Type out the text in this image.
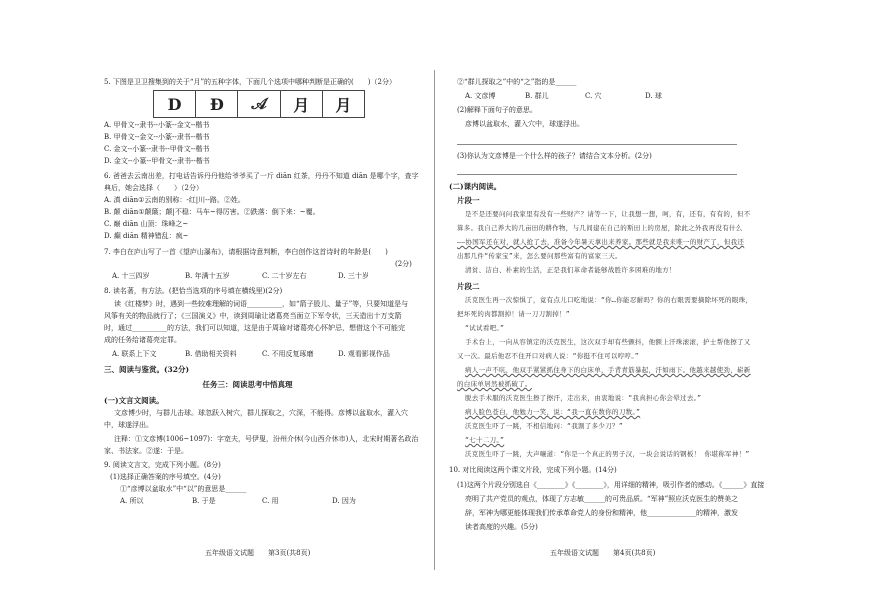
5. 下图是卫卫搜集到的关于“月”的五种字体，下面几个选项中哪种判断是正确的(　　)（2分）
D	Ð	𝒜	月	月
A. 甲骨文--隶书--小篆--金文--楷书
B. 甲骨文--金文--小篆--隶书--楷书
C. 金文--小篆--隶书--甲骨文--楷书
D. 金文--小篆--甲骨文--隶书--楷书
6. 爸爸去云南出差，打电话告诉丹丹他给爷爷买了一斤 diān 红茶，丹丹不知道 diān 是哪个字，查字
典后，她会选择（　　）（2分）
A. 滇 diān①云南的别称：-红|川--路。②姓。
B. 颠 diān①颠簸；颠|不稳：马车~得厉害。②跌落：倒下来：~覆。
C. 巅 diān 山顶：珠峰之~
D. 癫 diān 精神错乱：疯~
7. 李白在庐山写了一首《望庐山瀑布》，请根据诗意判断，李白创作这首诗时的年龄是(　　)
(2分)
A. 十三四岁	B. 年满十五岁	C. 二十岁左右	D. 三十岁
8. 读名著，有方法。(把恰当选项的序号填在横线里)(2分)
读《红楼梦》时，遇到一些较难理解的词语__________，如“箭子股儿、量子”等，只要知道是与
风筝有关的物品就行了；《三国演义》中，读到周瑜让诸葛亮当面立下军令状，三天造出十万支箭
时，通过__________的方法，我们可以知道，这是由于周瑜对诸葛亮心怀妒忌，想借这个不可能完
成的任务给诸葛亮定罪。
A. 联系上下文	B. 借助相关资料	C. 不用反复琢磨	D. 观看影视作品
三、阅读与鉴赏。(32分)
任务三：阅读思考中悟真理
(一)文言文阅读。
文彦博少时，与群儿击球。球忽跃入树穴，群儿探取之，穴深，不能得。彦博以盆取水，灌入穴
中，球遂浮出。
注释：①文彦博(1006~1097)：字宽夫，号伊叟，汾州介休(今山西介休市)人，北宋时期著名政治
家、书法家。②遂：于是。
9. 阅读文言文，完成下列小题。(8分)
(1)选择正确答案的序号填空。(4分)
①“彦博以盆取水”中“以”的意思是______
A. 所以	B. 于是	C. 用	D. 因为
五年级语文试题　　第3页(共8页)
②“群儿探取之”中的“之”指的是______
A. 文彦博	B. 群儿	C. 穴	D. 球
(2)解释下面句子的意思。
彦博以盆取水，灌入穴中，球遂浮出。
(3)你认为文彦博是一个什么样的孩子？请结合文本分析。(2分)
(二)课内阅读。
片段一
是不是还要问问我家里有没有一些财产？请等一下，让我想一想，呵，有，还有，有有的，但不
算多。我自己养大的几亩田的耕作物，与几间建在自己的斯田上的房屋，除此之外我再没有什么
——协国军还在对，就人抢了去，准备今年暑天拿出来养家。那些就是我来唯一的财产了，但我还
出那几件“传家宝”来，怎么要问那些富有的富家三天。
清贫、洁白、朴素的生活，正是我们革命者能够战胜许多困难的地方！
片段二
沃克医生再一次惊惧了，竟有点儿口吃地说：“你…你能忍耐吗？你的右眼需要摘除坏死的眼珠，
把坏死的肉都割掉！请一刀刀割掉！”
“试试看吧。”
手术台上，一向从容镇定的沃克医生，这次双手却有些颤抖，他额上汗珠滚滚，护士帮他擦了又
又一次。最后他忍不住开口对病人说：“你挺不住可以哼哼。”
病人一声不吭，他双手紧紧抓住身下的白床单，手背青筋暴起，汗如雨下。他越来越使劲，崭新
的白床单居然被抓破了。
脱去手术服的沃克医生擦了擦汗，走出来，由衷地说：“我真担心你会晕过去。”
病人脸色苍白，他勉力一笑，说：“我一直在数你的刀数。”
沃克医生吓了一跳，不相信地问：“我割了多少刀？”
“七十二刀。”
沃克医生吓了一跳，大声嚷道：“你是一个真正的男子汉，一块会说话的钢板！ 你堪称军神！”
10. 对比阅读这两个课文片段，完成下列小题。(14分)
(1)这两个片段分别选自《________》《________》，用详细的精神，吸引作者的感动。《______》直接
亮明了共产党员的观点，体现了方志敏______的可贵品质。“军神”照应沃克医生的赞美之
辞，军神为哪更能体现我们传承革命党人的身份和精神，他______________的精神，激发
读者高度的兴趣。(5分)
五年级语文试题　　第4页(共8页)
